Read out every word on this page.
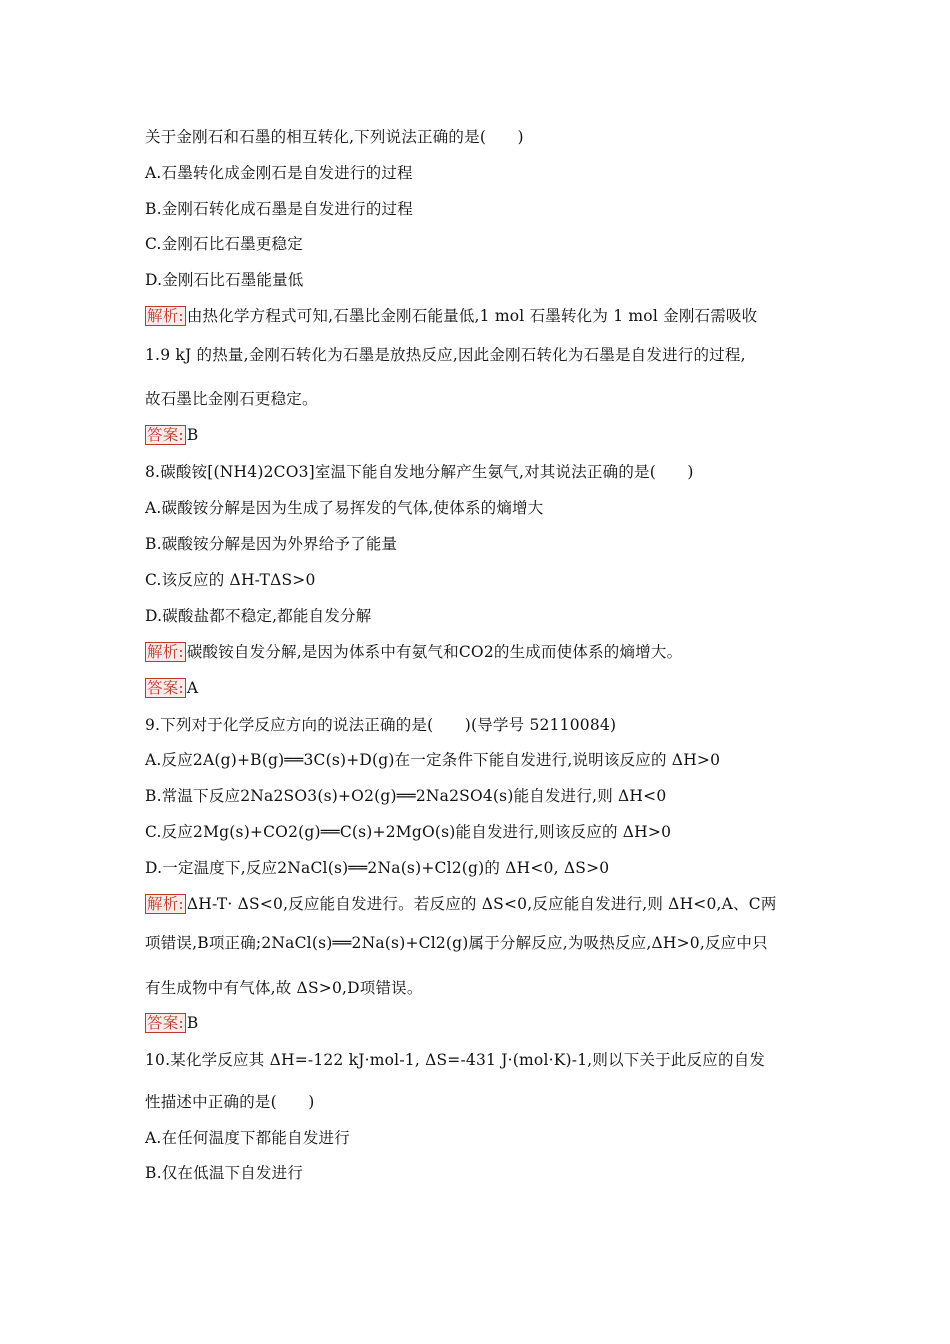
关于金刚石和石墨的相互转化,下列说法正确的是(　　)
A.石墨转化成金刚石是自发进行的过程
B.金刚石转化成石墨是自发进行的过程
C.金刚石比石墨更稳定
D.金刚石比石墨能量低
解析: 由热化学方程式可知,石墨比金刚石能量低,1 mol 石墨转化为 1 mol 金刚石需吸收
1.9 kJ 的热量,金刚石转化为石墨是放热反应,因此金刚石转化为石墨是自发进行的过程,
故石墨比金刚石更稳定。
答案: B
8.碳酸铵[(NH4)2CO3]室温下能自发地分解产生氨气,对其说法正确的是(　　)
A.碳酸铵分解是因为生成了易挥发的气体,使体系的熵增大
B.碳酸铵分解是因为外界给予了能量
C.该反应的 ΔH-TΔS>0
D.碳酸盐都不稳定,都能自发分解
解析: 碳酸铵自发分解,是因为体系中有氨气和CO2的生成而使体系的熵增大。
答案: A
9.下列对于化学反应方向的说法正确的是(　　)(导学号 52110084)
A.反应2A(g)+B(g)══3C(s)+D(g)在一定条件下能自发进行,说明该反应的 ΔH>0
B.常温下反应2Na2SO3(s)+O2(g)══2Na2SO4(s)能自发进行,则 ΔH<0
C.反应2Mg(s)+CO2(g)══C(s)+2MgO(s)能自发进行,则该反应的 ΔH>0
D.一定温度下,反应2NaCl(s)══2Na(s)+Cl2(g)的 ΔH<0, ΔS>0
解析: ΔH-T· ΔS<0,反应能自发进行。若反应的 ΔS<0,反应能自发进行,则 ΔH<0,A、C两
项错误,B项正确;2NaCl(s)══2Na(s)+Cl2(g)属于分解反应,为吸热反应,ΔH>0,反应中只
有生成物中有气体,故 ΔS>0,D项错误。
答案: B
10.某化学反应其 ΔH=-122 kJ·mol-1, ΔS=-431 J·(mol·K)-1,则以下关于此反应的自发
性描述中正确的是(　　)
A.在任何温度下都能自发进行
B.仅在低温下自发进行
